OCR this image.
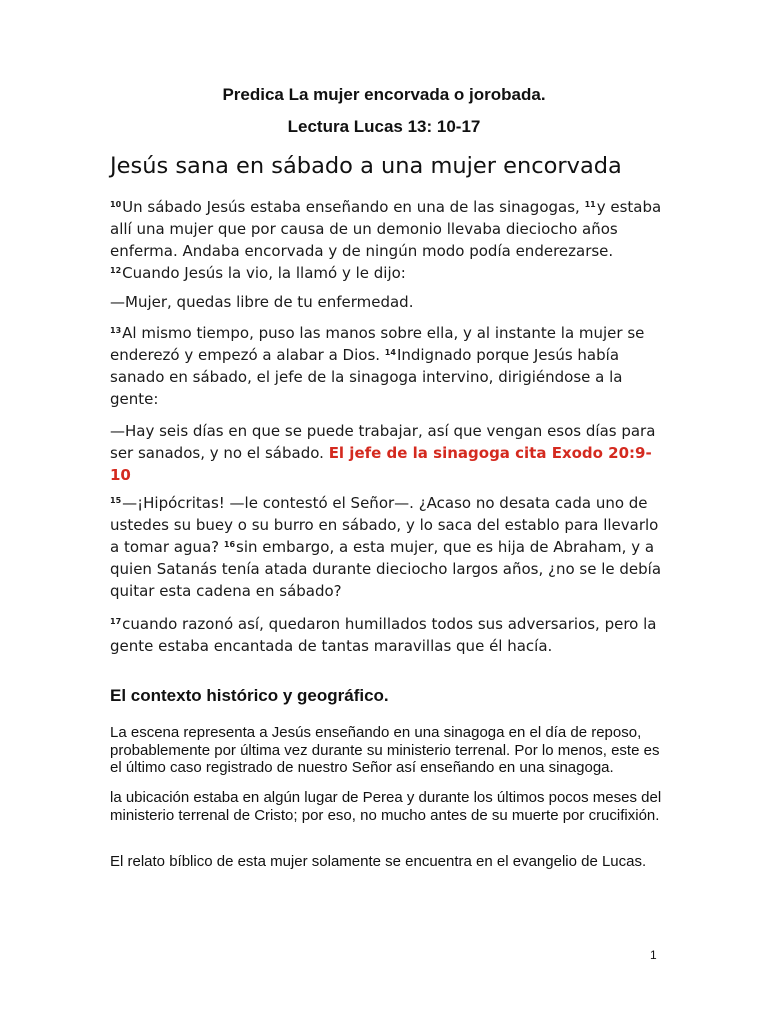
Predica La mujer encorvada o jorobada.
Lectura Lucas 13: 10-17
Jesús sana en sábado a una mujer encorvada

$^{10}$Un sábado Jesús estaba enseñando en una de las sinagogas, $^{11}$y estaba allí una mujer que por causa de un demonio llevaba dieciocho años enferma. Andaba encorvada y de ningún modo podía enderezarse. $^{12}$Cuando Jesús la vio, la llamó y le dijo:

—Mujer, quedas libre de tu enfermedad.

$^{13}$Al mismo tiempo, puso las manos sobre ella, y al instante la mujer se enderezó y empezó a alabar a Dios. $^{14}$Indignado porque Jesús había sanado en sábado, el jefe de la sinagoga intervino, dirigiéndose a la gente:

—Hay seis días en que se puede trabajar, así que vengan esos días para ser sanados, y no el sábado. El jefe de la sinagoga cita Exodo 20:9-10

$^{15}$—¡Hipócritas! —le contestó el Señor—. ¿Acaso no desata cada uno de ustedes su buey o su burro en sábado, y lo saca del establo para llevarlo a tomar agua? $^{16}$sin embargo, a esta mujer, que es hija de Abraham, y a quien Satanás tenía atada durante dieciocho largos años, ¿no se le debía quitar esta cadena en sábado?

$^{17}$cuando razonó así, quedaron humillados todos sus adversarios, pero la gente estaba encantada de tantas maravillas que él hacía.

El contexto histórico y geográfico.

La escena representa a Jesús enseñando en una sinagoga en el día de reposo, probablemente por última vez durante su ministerio terrenal. Por lo menos, este es el último caso registrado de nuestro Señor así enseñando en una sinagoga.

la ubicación estaba en algún lugar de Perea y durante los últimos pocos meses del ministerio terrenal de Cristo; por eso, no mucho antes de su muerte por crucifixión.

El relato bíblico de esta mujer solamente se encuentra en el evangelio de Lucas.

1
